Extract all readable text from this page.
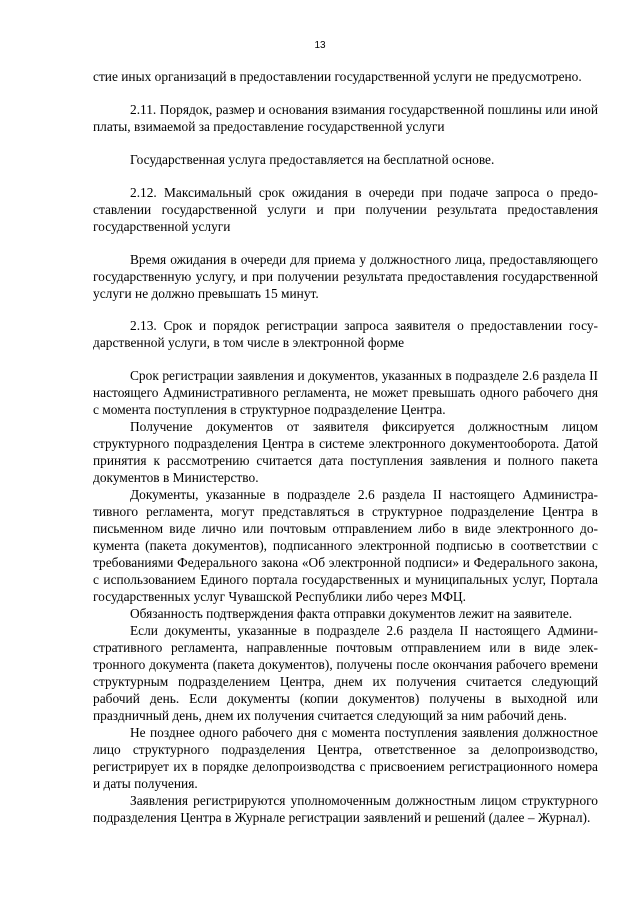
13

стие иных организаций в предоставлении государственной услуги не предусмотрено.

2.11. Порядок, размер и основания взимания государственной пошлины или иной платы, взимаемой за предоставление государственной услуги

Государственная услуга предоставляется на бесплатной основе.

2.12. Максимальный срок ожидания в очереди при подаче запроса о предоставлении государственной услуги и при получении результата предоставления государственной услуги

Время ожидания в очереди для приема у должностного лица, предоставляющего государственную услугу, и при получении результата предоставления государственной услуги не должно превышать 15 минут.

2.13. Срок и порядок регистрации запроса заявителя о предоставлении государственной услуги, в том числе в электронной форме

Срок регистрации заявления и документов, указанных в подразделе 2.6 раздела II настоящего Административного регламента, не может превышать одного рабочего дня с момента поступления в структурное подразделение Центра.

Получение документов от заявителя фиксируется должностным лицом структурного подразделения Центра в системе электронного документооборота. Датой принятия к рассмотрению считается дата поступления заявления и полного пакета документов в Министерство.

Документы, указанные в подразделе 2.6 раздела II настоящего Административного регламента, могут представляться в структурное подразделение Центра в письменном виде лично или почтовым отправлением либо в виде электронного документа (пакета документов), подписанного электронной подписью в соответствии с требованиями Федерального закона «Об электронной подписи» и Федерального закона, с использованием Единого портала государственных и муниципальных услуг, Портала государственных услуг Чувашской Республики либо через МФЦ.

Обязанность подтверждения факта отправки документов лежит на заявителе.

Если документы, указанные в подразделе 2.6 раздела II настоящего Административного регламента, направленные почтовым отправлением или в виде электронного документа (пакета документов), получены после окончания рабочего времени структурным подразделением Центра, днем их получения считается следующий рабочий день. Если документы (копии документов) получены в выходной или праздничный день, днем их получения считается следующий за ним рабочий день.

Не позднее одного рабочего дня с момента поступления заявления должностное лицо структурного подразделения Центра, ответственное за делопроизводство, регистрирует их в порядке делопроизводства с присвоением регистрационного номера и даты получения.

Заявления регистрируются уполномоченным должностным лицом структурного подразделения Центра в Журнале регистрации заявлений и решений (далее – Журнал).
